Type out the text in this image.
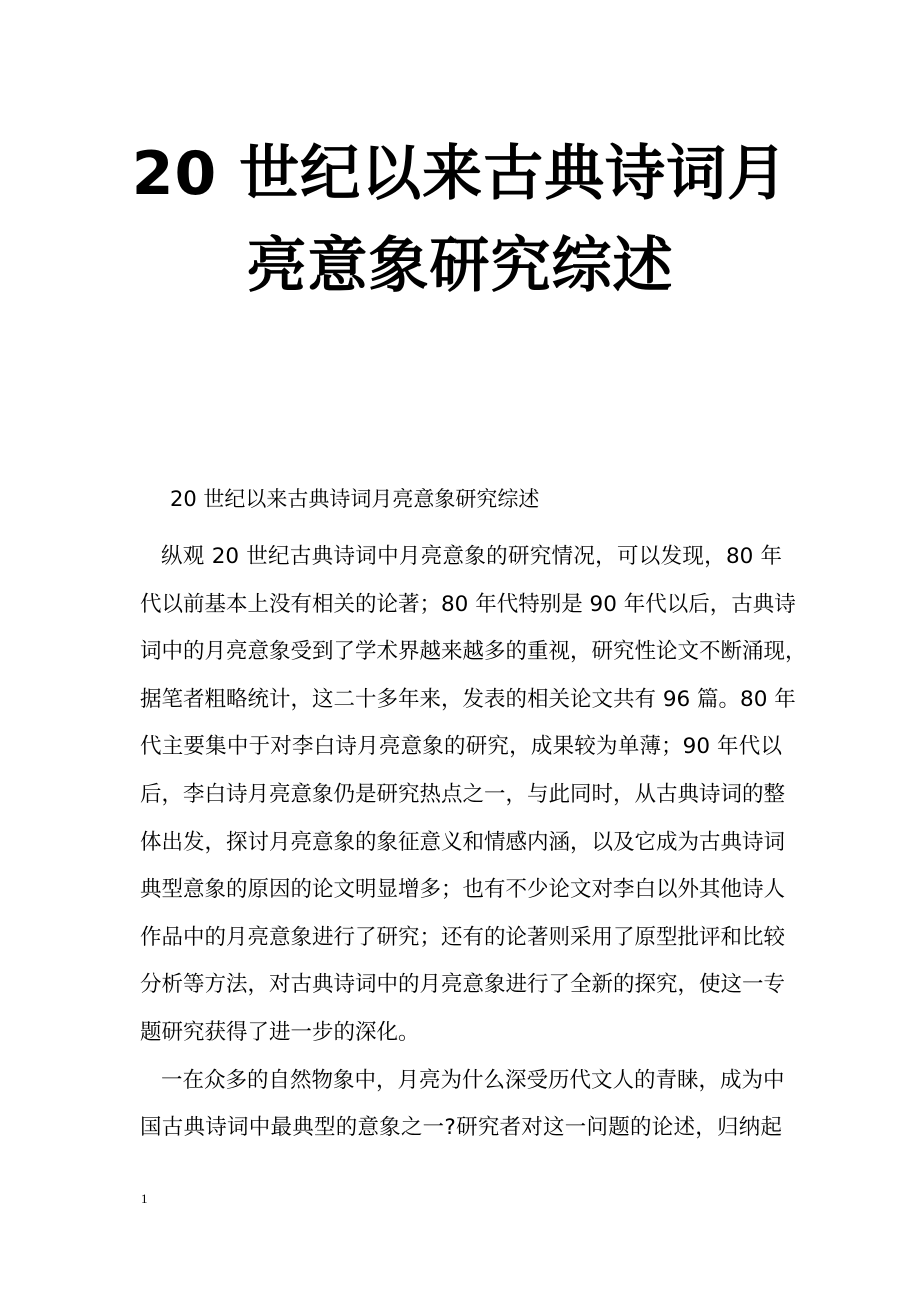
20 世纪以来古典诗词月
亮意象研究综述

20 世纪以来古典诗词月亮意象研究综述

纵观 20 世纪古典诗词中月亮意象的研究情况，可以发现，80 年
代以前基本上没有相关的论著；80 年代特别是 90 年代以后，古典诗
词中的月亮意象受到了学术界越来越多的重视，研究性论文不断涌现，
据笔者粗略统计，这二十多年来，发表的相关论文共有 96 篇。80 年
代主要集中于对李白诗月亮意象的研究，成果较为单薄；90 年代以
后，李白诗月亮意象仍是研究热点之一，与此同时，从古典诗词的整
体出发，探讨月亮意象的象征意义和情感内涵，以及它成为古典诗词
典型意象的原因的论文明显增多；也有不少论文对李白以外其他诗人
作品中的月亮意象进行了研究；还有的论著则采用了原型批评和比较
分析等方法，对古典诗词中的月亮意象进行了全新的探究，使这一专
题研究获得了进一步的深化。
一在众多的自然物象中，月亮为什么深受历代文人的青睐，成为中
国古典诗词中最典型的意象之一?研究者对这一问题的论述，归纳起
1
